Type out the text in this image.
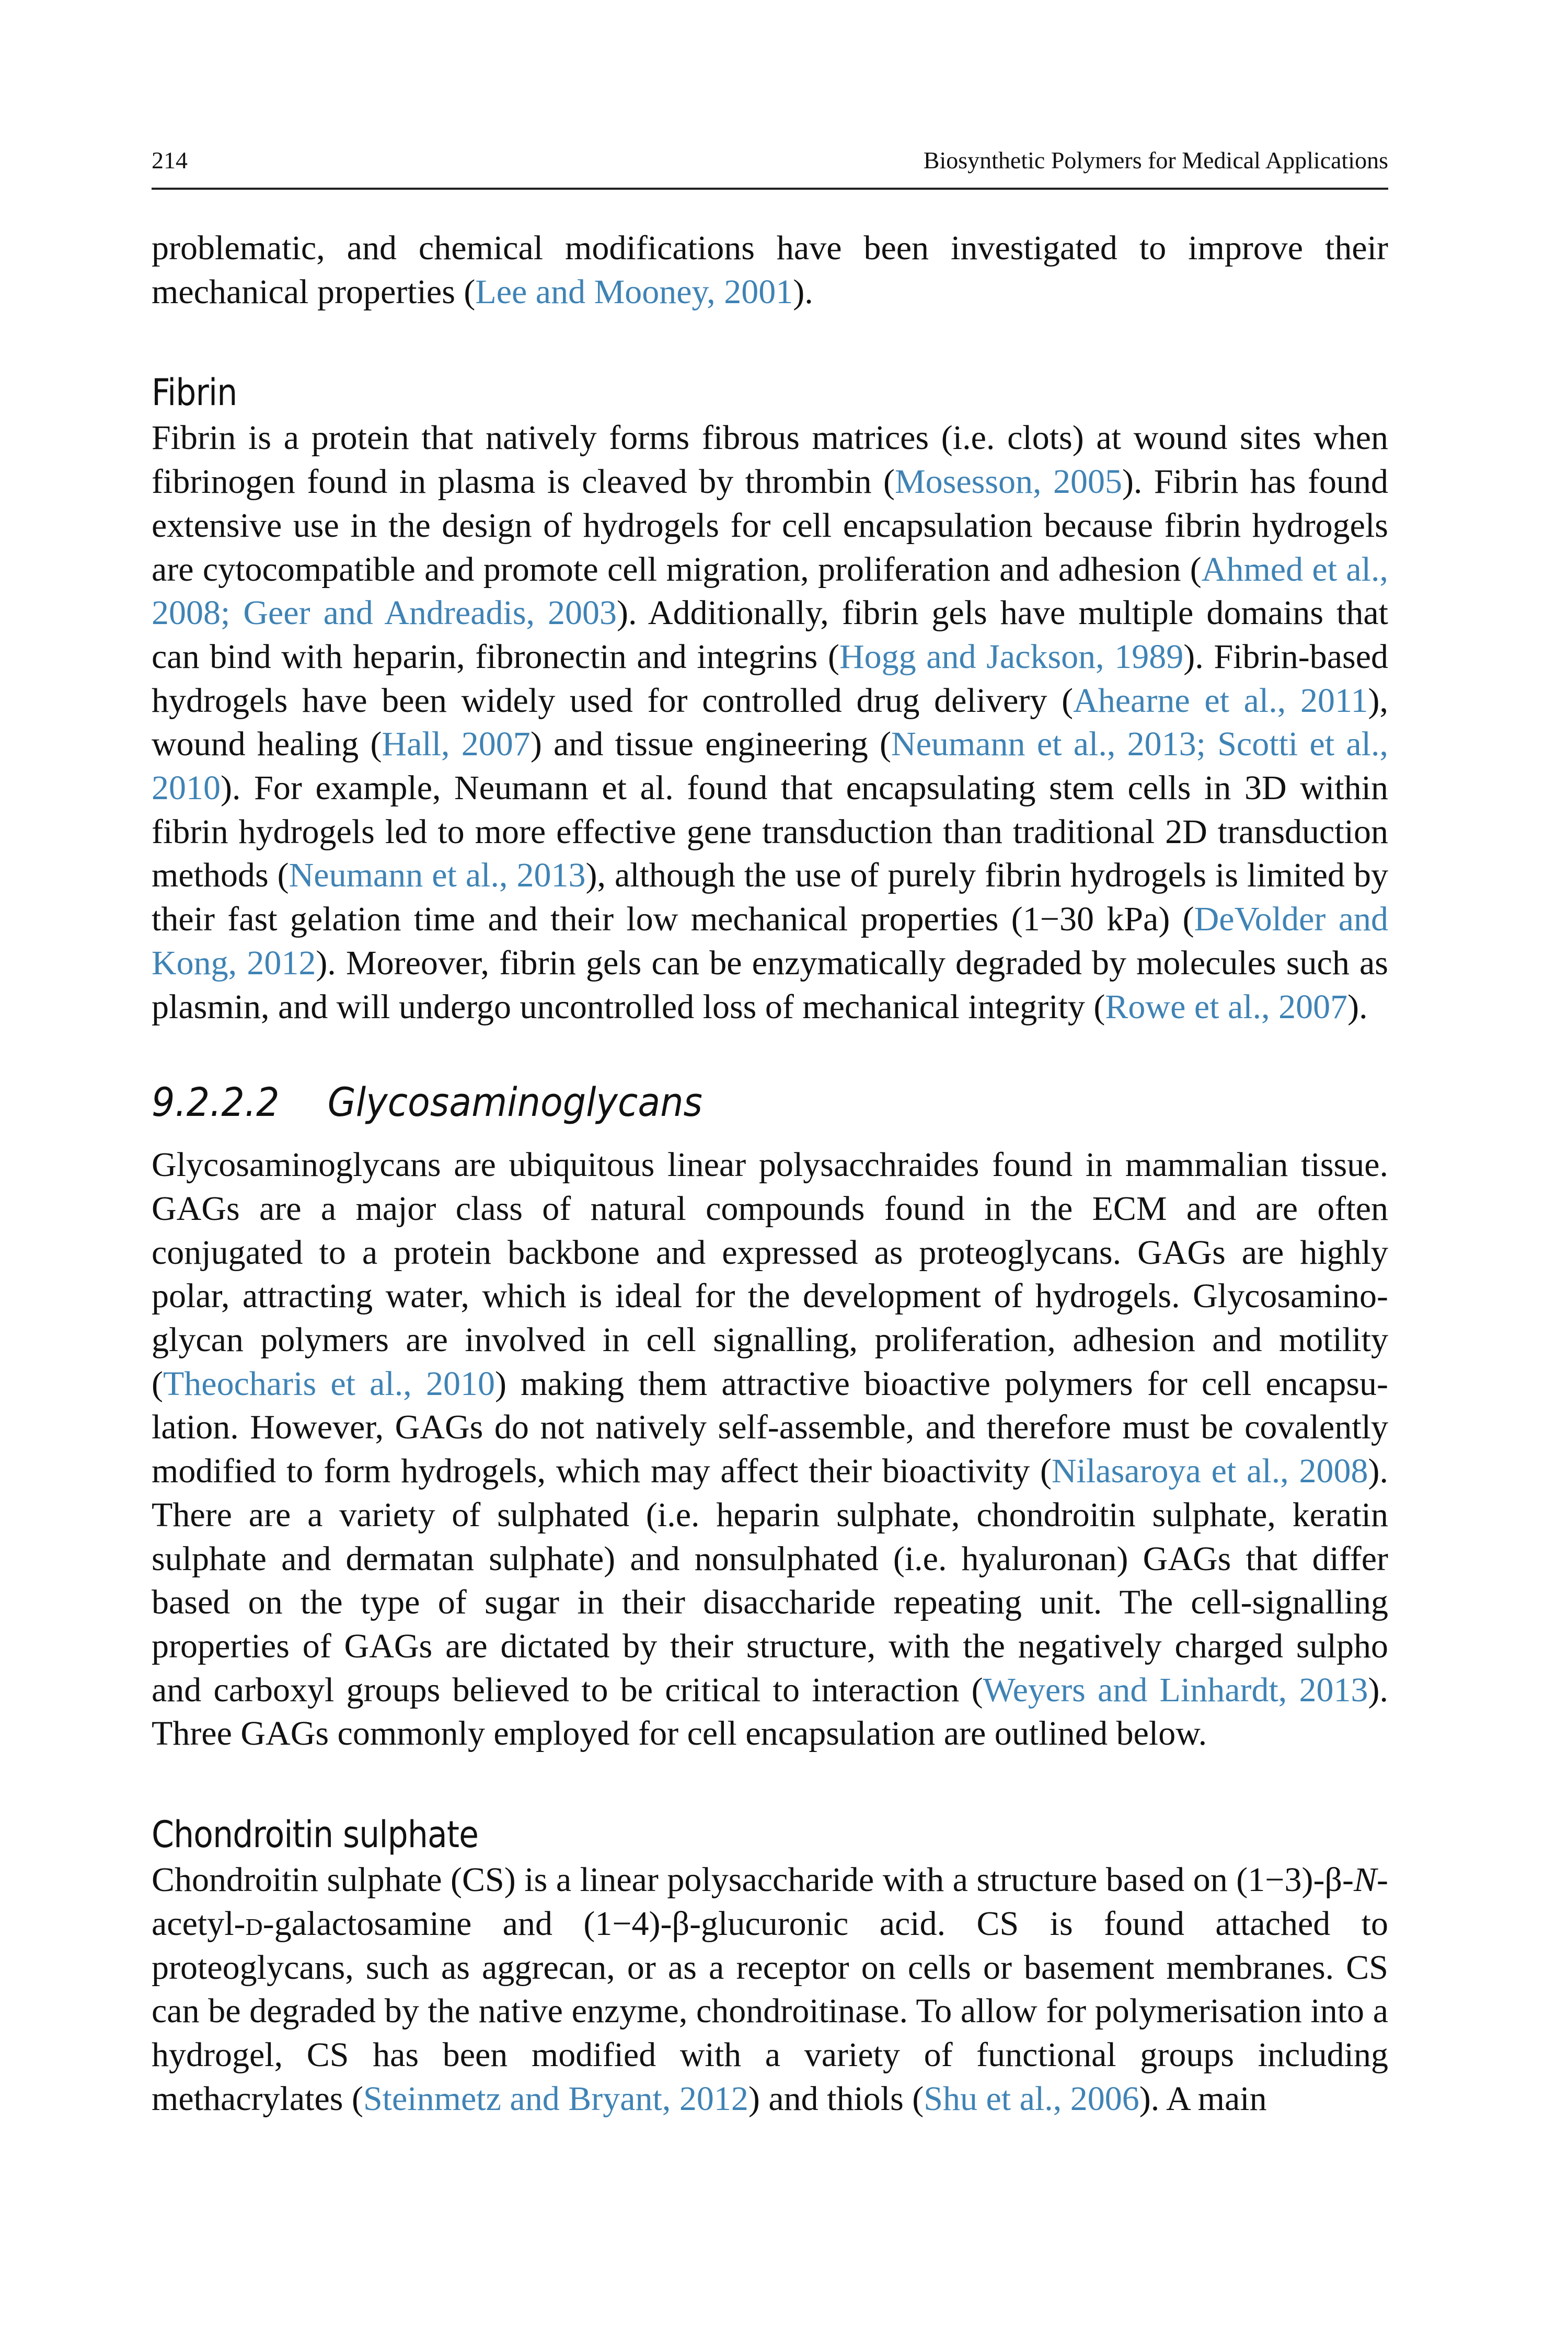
214	Biosynthetic Polymers for Medical Applications

problematic, and chemical modifications have been investigated to improve their mechanical properties (Lee and Mooney, 2001).

Fibrin

Fibrin is a protein that natively forms fibrous matrices (i.e. clots) at wound sites when fibrinogen found in plasma is cleaved by thrombin (Mosesson, 2005). Fibrin has found extensive use in the design of hydrogels for cell encapsulation because fibrin hydrogels are cytocompatible and promote cell migration, proliferation and adhesion (Ahmed et al., 2008; Geer and Andreadis, 2003). Additionally, fibrin gels have multiple domains that can bind with heparin, fibronectin and integrins (Hogg and Jackson, 1989). Fibrin-based hydrogels have been widely used for controlled drug delivery (Ahearne et al., 2011), wound healing (Hall, 2007) and tissue engineering (Neumann et al., 2013; Scotti et al., 2010). For example, Neumann et al. found that encapsulating stem cells in 3D within fibrin hydrogels led to more effective gene transduction than traditional 2D transduction methods (Neumann et al., 2013), although the use of purely fibrin hydrogels is limited by their fast gelation time and their low mechanical properties (1−30 kPa) (DeVolder and Kong, 2012). Moreover, fibrin gels can be enzymatically degraded by molecules such as plasmin, and will undergo uncontrolled loss of mechanical integrity (Rowe et al., 2007).

9.2.2.2 Glycosaminoglycans

Glycosaminoglycans are ubiquitous linear polysacchraides found in mammalian tissue. GAGs are a major class of natural compounds found in the ECM and are often conjugated to a protein backbone and expressed as proteoglycans. GAGs are highly polar, attracting water, which is ideal for the development of hydrogels. Glycosaminoglycan polymers are involved in cell signalling, proliferation, adhesion and motility (Theocharis et al., 2010) making them attractive bioactive polymers for cell encapsulation. However, GAGs do not natively self-assemble, and therefore must be covalently modified to form hydrogels, which may affect their bioactivity (Nilasaroya et al., 2008). There are a variety of sulphated (i.e. heparin sulphate, chondroitin sulphate, keratin sulphate and dermatan sulphate) and nonsulphated (i.e. hyaluronan) GAGs that differ based on the type of sugar in their disaccharide repeating unit. The cell-signalling properties of GAGs are dictated by their structure, with the negatively charged sulpho and carboxyl groups believed to be critical to interaction (Weyers and Linhardt, 2013). Three GAGs commonly employed for cell encapsulation are outlined below.

Chondroitin sulphate

Chondroitin sulphate (CS) is a linear polysaccharide with a structure based on (1−3)-β-N-acetyl-d-galactosamine and (1−4)-β-glucuronic acid. CS is found attached to proteoglycans, such as aggrecan, or as a receptor on cells or basement membranes. CS can be degraded by the native enzyme, chondroitinase. To allow for polymerisation into a hydrogel, CS has been modified with a variety of functional groups including methacrylates (Steinmetz and Bryant, 2012) and thiols (Shu et al., 2006). A main
